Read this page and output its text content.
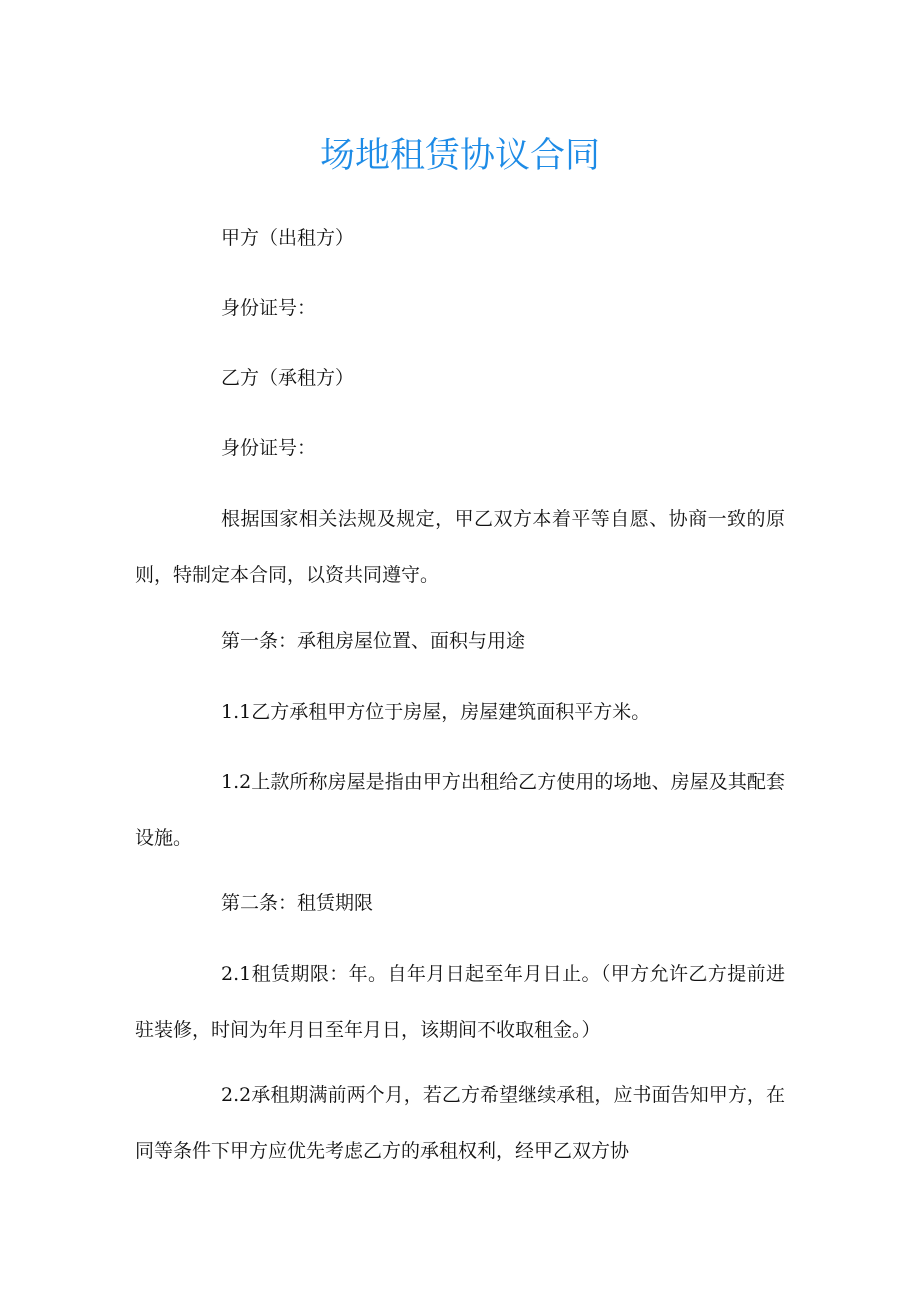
场地租赁协议合同

甲方（出租方）

身份证号：

乙方（承租方）

身份证号：

根据国家相关法规及规定，甲乙双方本着平等自愿、协商一致的原则，特制定本合同，以资共同遵守。

第一条：承租房屋位置、面积与用途

1.1乙方承租甲方位于房屋，房屋建筑面积平方米。

1.2上款所称房屋是指由甲方出租给乙方使用的场地、房屋及其配套设施。

第二条：租赁期限

2.1租赁期限：年。自年月日起至年月日止。（甲方允许乙方提前进驻装修，时间为年月日至年月日，该期间不收取租金。）

2.2承租期满前两个月，若乙方希望继续承租，应书面告知甲方，在同等条件下甲方应优先考虑乙方的承租权利，经甲乙双方协
